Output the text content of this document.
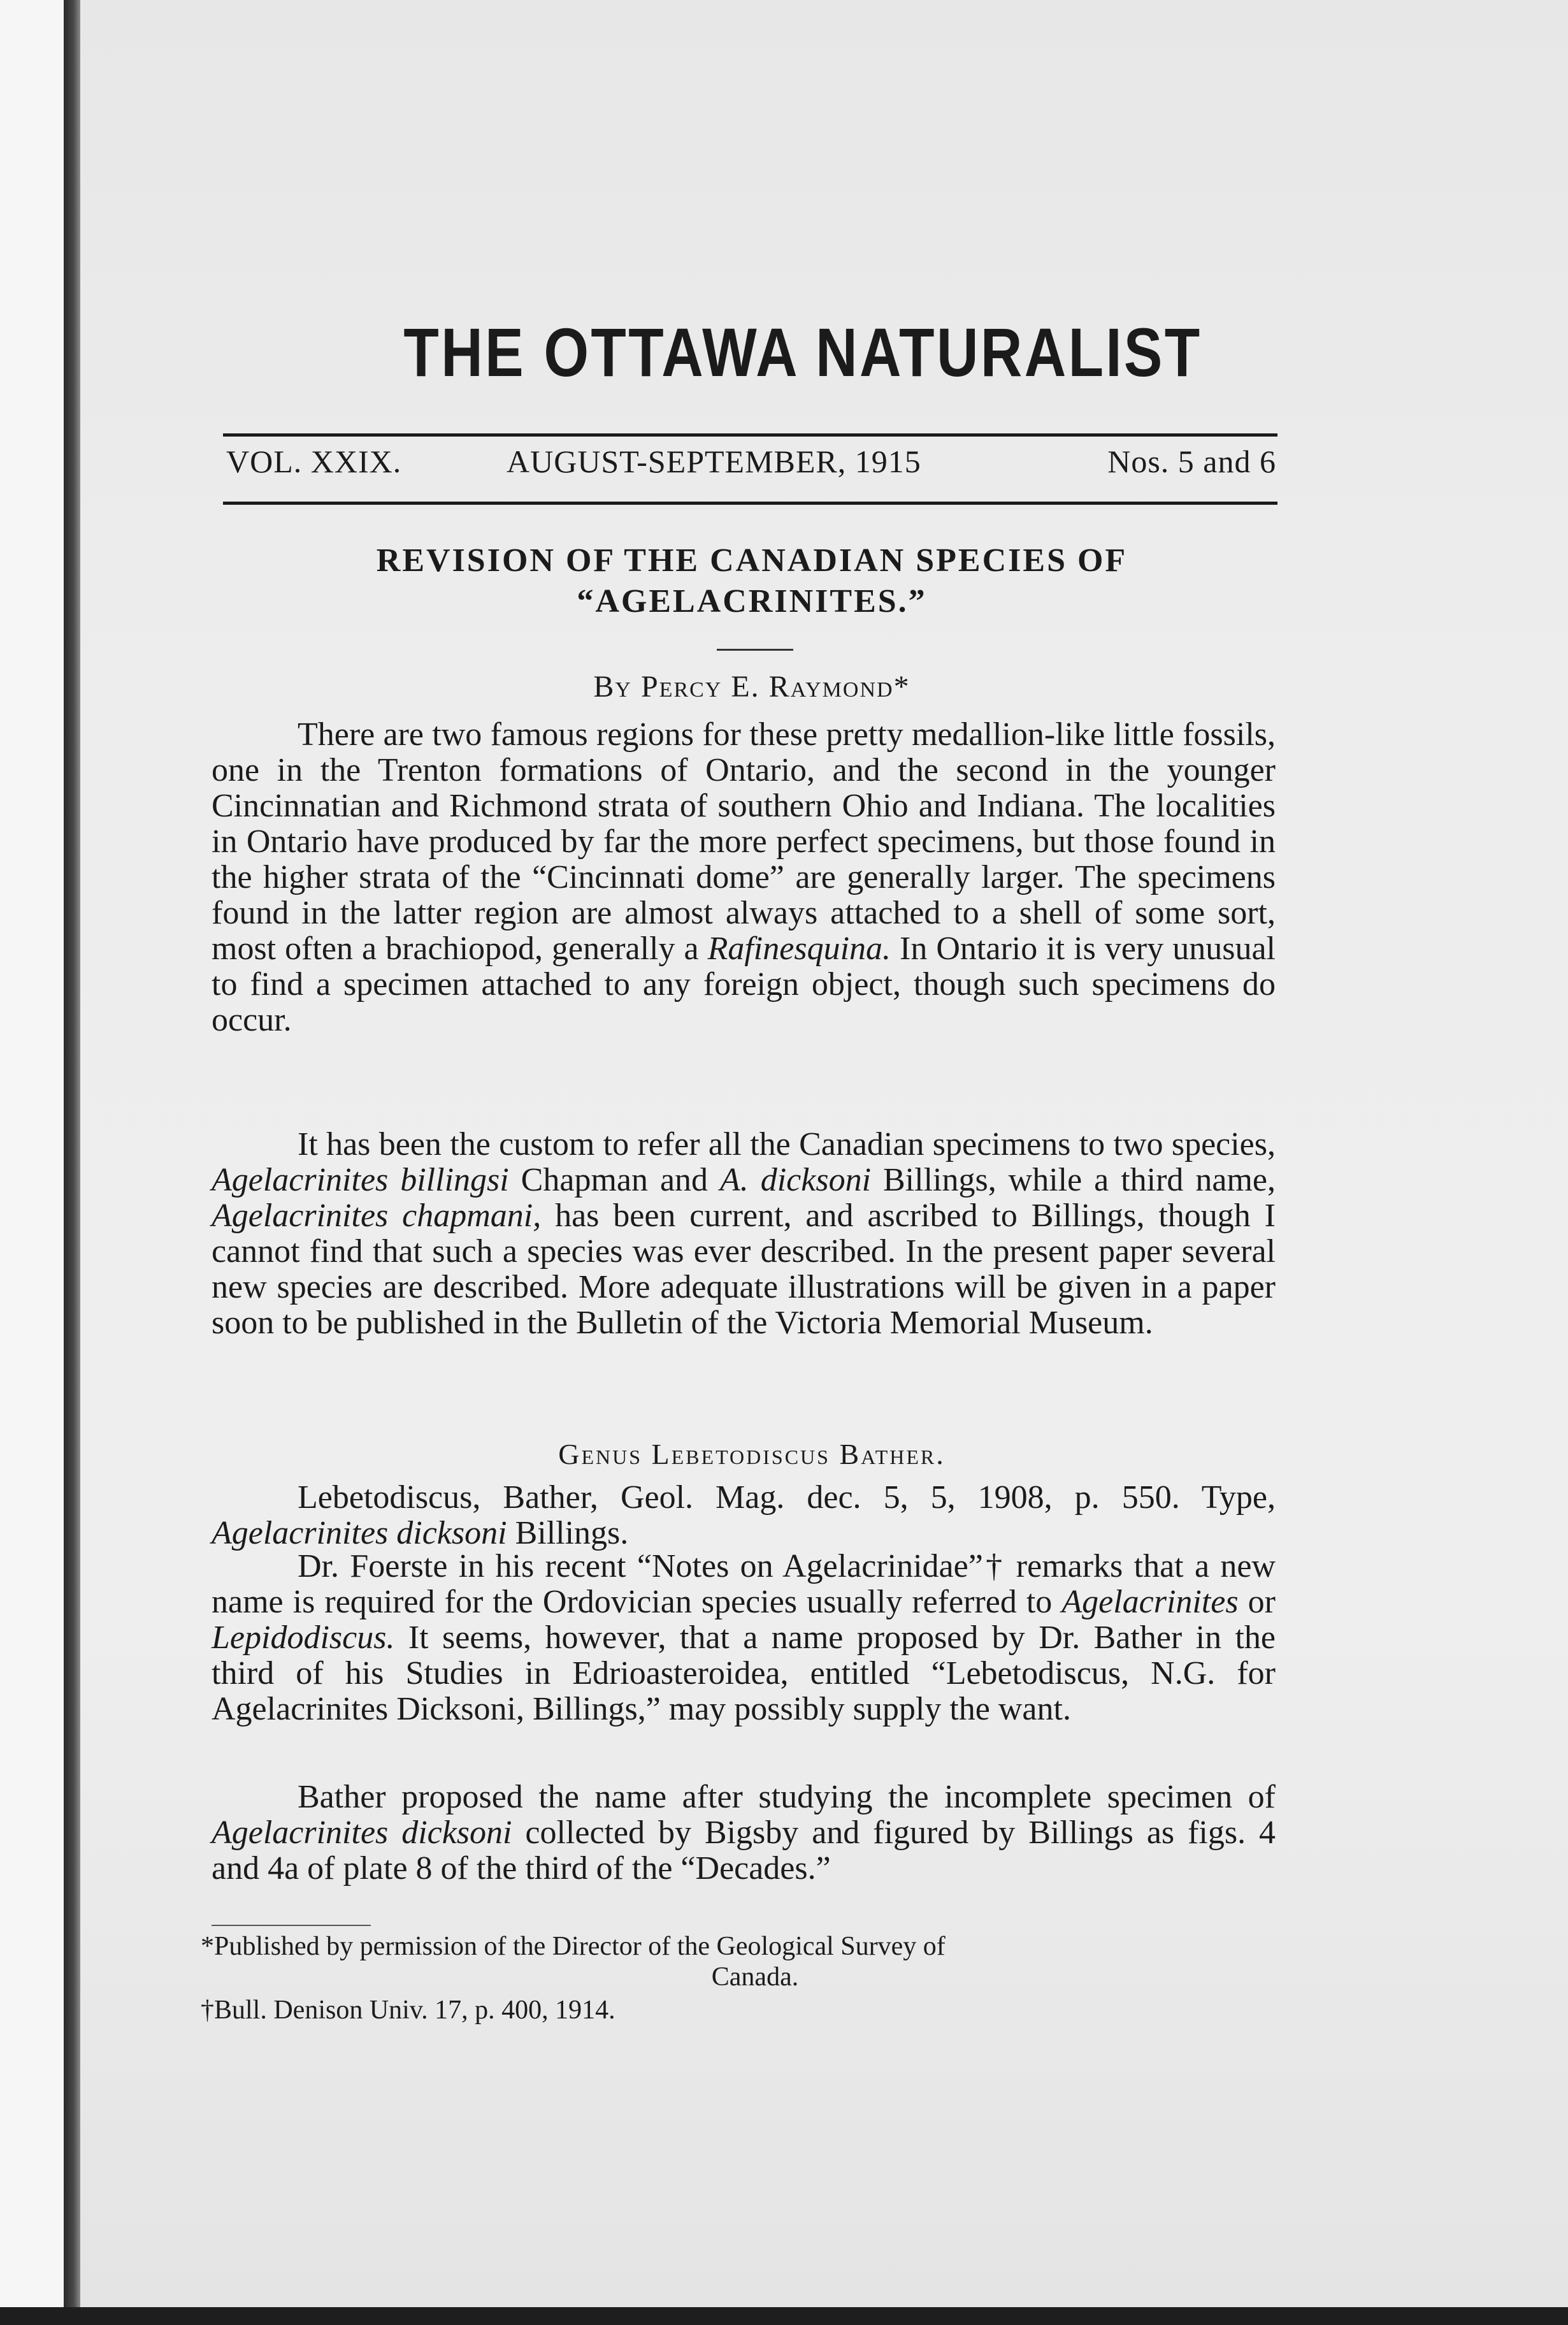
THE OTTAWA NATURALIST
VOL. XXIX.	AUGUST-SEPTEMBER, 1915	Nos. 5 and 6
REVISION OF THE CANADIAN SPECIES OF
“AGELACRINITES.”

By Percy E. Raymond*

There are two famous regions for these pretty medallion-like little fossils, one in the Trenton formations of Ontario, and the second in the younger Cincinnatian and Richmond strata of southern Ohio and Indiana. The localities in Ontario have produced by far the more perfect specimens, but those found in the higher strata of the “Cincinnati dome” are generally larger. The specimens found in the latter region are almost always attached to a shell of some sort, most often a brachiopod, generally a Rafinesquina. In Ontario it is very unusual to find a specimen attached to any foreign object, though such specimens do occur.

It has been the custom to refer all the Canadian specimens to two species, Agelacrinites billingsi Chapman and A. dicksoni Billings, while a third name, Agelacrinites chapmani, has been current, and ascribed to Billings, though I cannot find that such a species was ever described. In the present paper several new species are described. More adequate illustrations will be given in a paper soon to be published in the Bulletin of the Victoria Memorial Museum.

Genus Lebetodiscus Bather.

Lebetodiscus, Bather, Geol. Mag. dec. 5, 5, 1908, p. 550. Type, Agelacrinites dicksoni Billings.

Dr. Foerste in his recent “Notes on Agelacrinidae”† remarks that a new name is required for the Ordovician species usually referred to Agelacrinites or Lepidodiscus. It seems, however, that a name proposed by Dr. Bather in the third of his Studies in Edrioasteroidea, entitled “Lebetodiscus, N.G. for Agelacrinites Dicksoni, Billings,” may possibly supply the want.

Bather proposed the name after studying the incomplete specimen of Agelacrinites dicksoni collected by Bigsby and figured by Billings as figs. 4 and 4a of plate 8 of the third of the “Decades.”

*Published by permission of the Director of the Geological Survey of
Canada.

†Bull. Denison Univ. 17, p. 400, 1914.
